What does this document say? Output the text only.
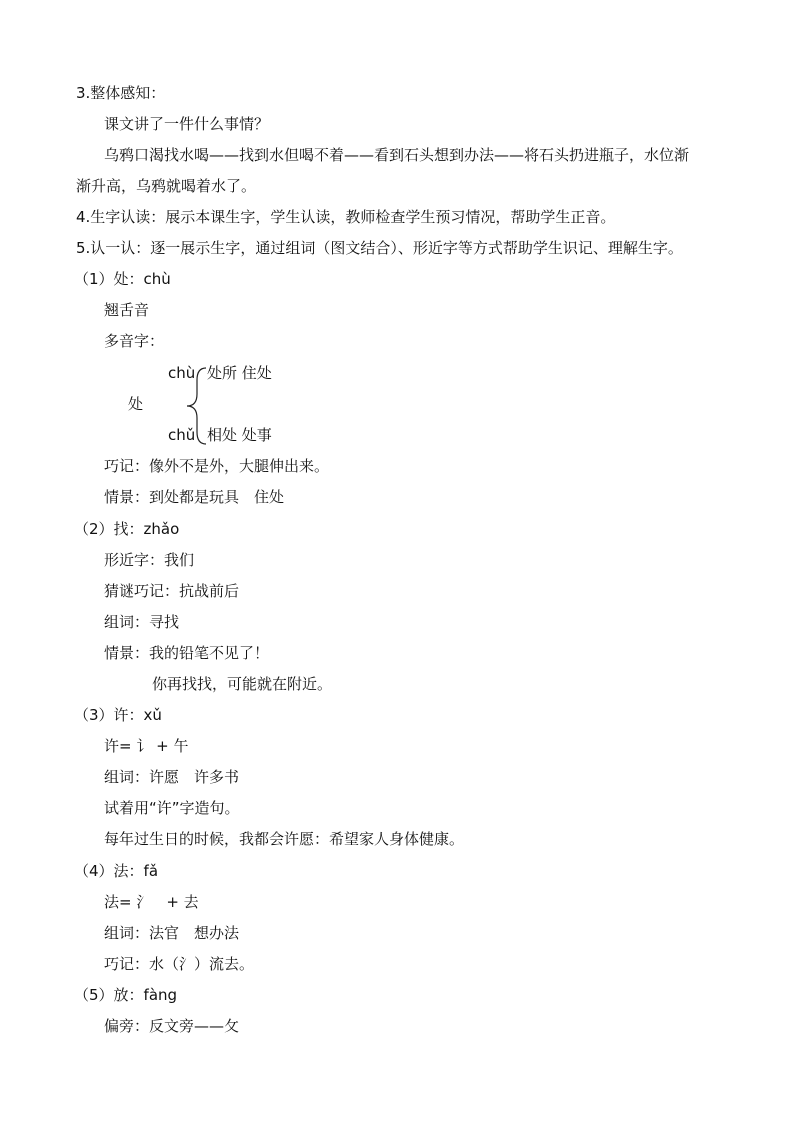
3.整体感知：
课文讲了一件什么事情？
乌鸦口渴找水喝——找到水但喝不着——看到石头想到办法——将石头扔进瓶子，水位渐
渐升高，乌鸦就喝着水了。
4.生字认读：展示本课生字，学生认读，教师检查学生预习情况，帮助学生正音。
5.认一认：逐一展示生字，通过组词（图文结合）、形近字等方式帮助学生识记、理解生字。
（1）处：chù
翘舌音
多音字：
chù 处所 住处
处
chǔ 相处 处事
巧记：像外不是外，大腿伸出来。
情景：到处都是玩具　住处
（2）找：zhǎo
形近字：我们
猜谜巧记：抗战前后
组词：寻找
情景：我的铅笔不见了！
你再找找，可能就在附近。
（3）许：xǔ
许= 讠 + 午
组词：许愿　许多书
试着用“许”字造句。
每年过生日的时候，我都会许愿：希望家人身体健康。
（4）法：fǎ
法= 氵　+ 去
组词：法官　想办法
巧记：水（氵）流去。
（5）放：fàng
偏旁：反文旁——攵
